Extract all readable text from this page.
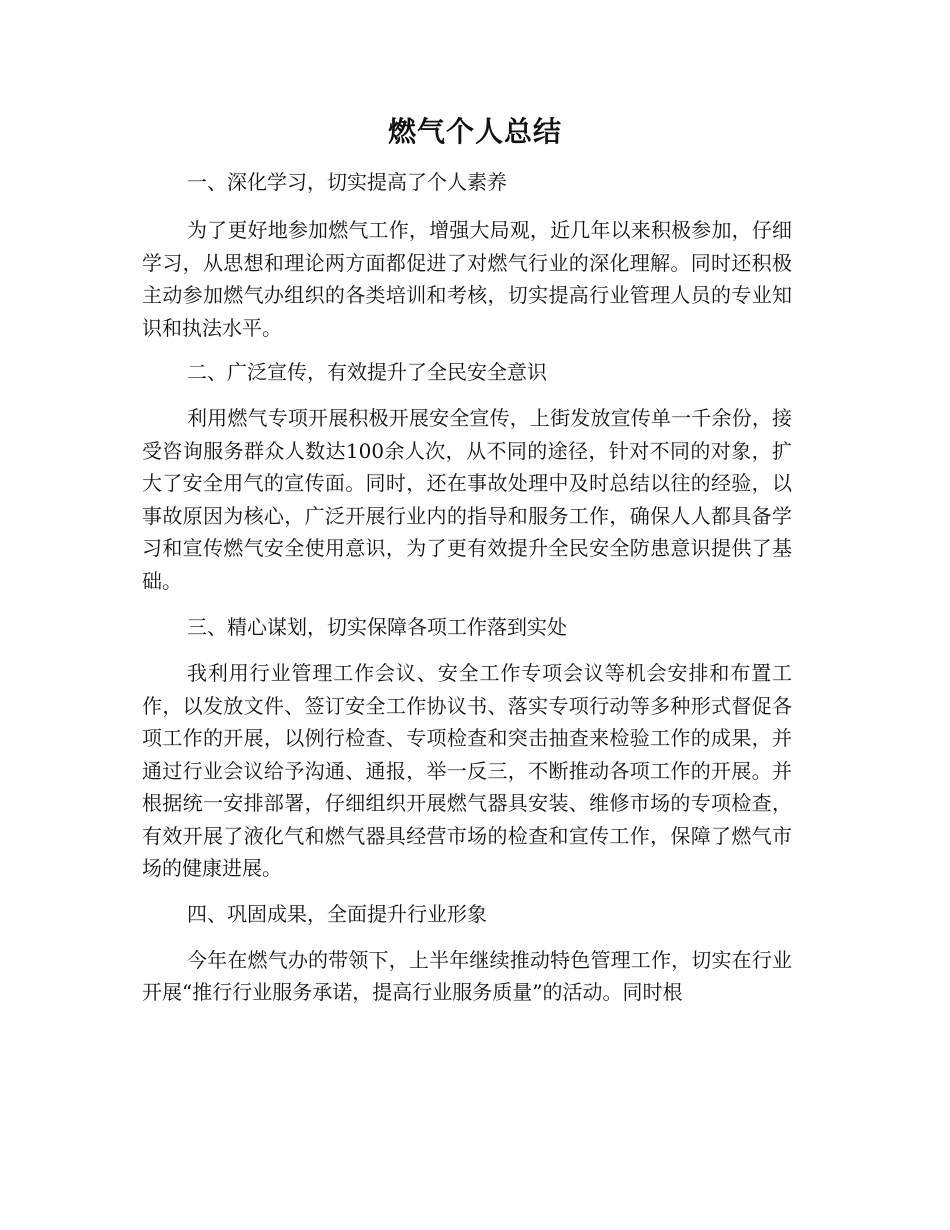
燃气个人总结

一、深化学习，切实提高了个人素养

为了更好地参加燃气工作，增强大局观，近几年以来积极参加，仔细学习，从思想和理论两方面都促进了对燃气行业的深化理解。同时还积极主动参加燃气办组织的各类培训和考核，切实提高行业管理人员的专业知识和执法水平。

二、广泛宣传，有效提升了全民安全意识

利用燃气专项开展积极开展安全宣传，上街发放宣传单一千余份，接受咨询服务群众人数达100余人次，从不同的途径，针对不同的对象，扩大了安全用气的宣传面。同时，还在事故处理中及时总结以往的经验，以事故原因为核心，广泛开展行业内的指导和服务工作，确保人人都具备学习和宣传燃气安全使用意识，为了更有效提升全民安全防患意识提供了基础。

三、精心谋划，切实保障各项工作落到实处

我利用行业管理工作会议、安全工作专项会议等机会安排和布置工作，以发放文件、签订安全工作协议书、落实专项行动等多种形式督促各项工作的开展，以例行检查、专项检查和突击抽查来检验工作的成果，并通过行业会议给予沟通、通报，举一反三，不断推动各项工作的开展。并根据统一安排部署，仔细组织开展燃气器具安装、维修市场的专项检查，有效开展了液化气和燃气器具经营市场的检查和宣传工作，保障了燃气市场的健康进展。

四、巩固成果，全面提升行业形象

今年在燃气办的带领下，上半年继续推动特色管理工作，切实在行业开展“推行行业服务承诺，提高行业服务质量”的活动。同时根
